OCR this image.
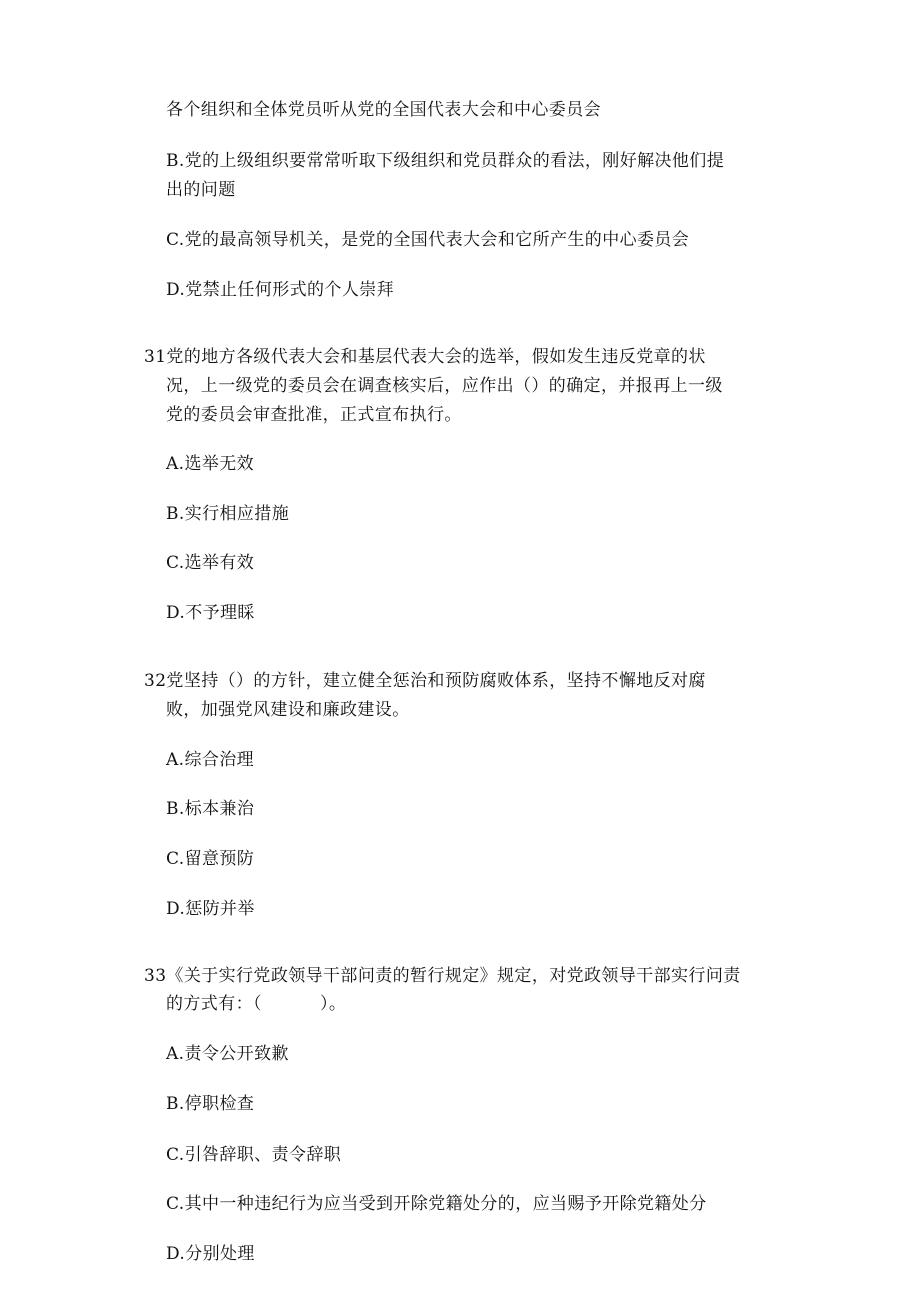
各个组织和全体党员听从党的全国代表大会和中心委员会
B.党的上级组织要常常听取下级组织和党员群众的看法，刚好解决他们提
出的问题
C.党的最高领导机关，是党的全国代表大会和它所产生的中心委员会
D.党禁止任何形式的个人崇拜
31党的地方各级代表大会和基层代表大会的选举，假如发生违反党章的状
况，上一级党的委员会在调查核实后，应作出（）的确定，并报再上一级
党的委员会审查批准，正式宣布执行。
A.选举无效
B.实行相应措施
C.选举有效
D.不予理睬
32党坚持（）的方针，建立健全惩治和预防腐败体系，坚持不懈地反对腐
败，加强党风建设和廉政建设。
A.综合治理
B.标本兼治
C.留意预防
D.惩防并举
33《关于实行党政领导干部问责的暂行规定》规定，对党政领导干部实行问责
的方式有：（          ）。
A.责令公开致歉
B.停职检查
C.引咎辞职、责令辞职
C.其中一种违纪行为应当受到开除党籍处分的，应当赐予开除党籍处分
D.分别处理
